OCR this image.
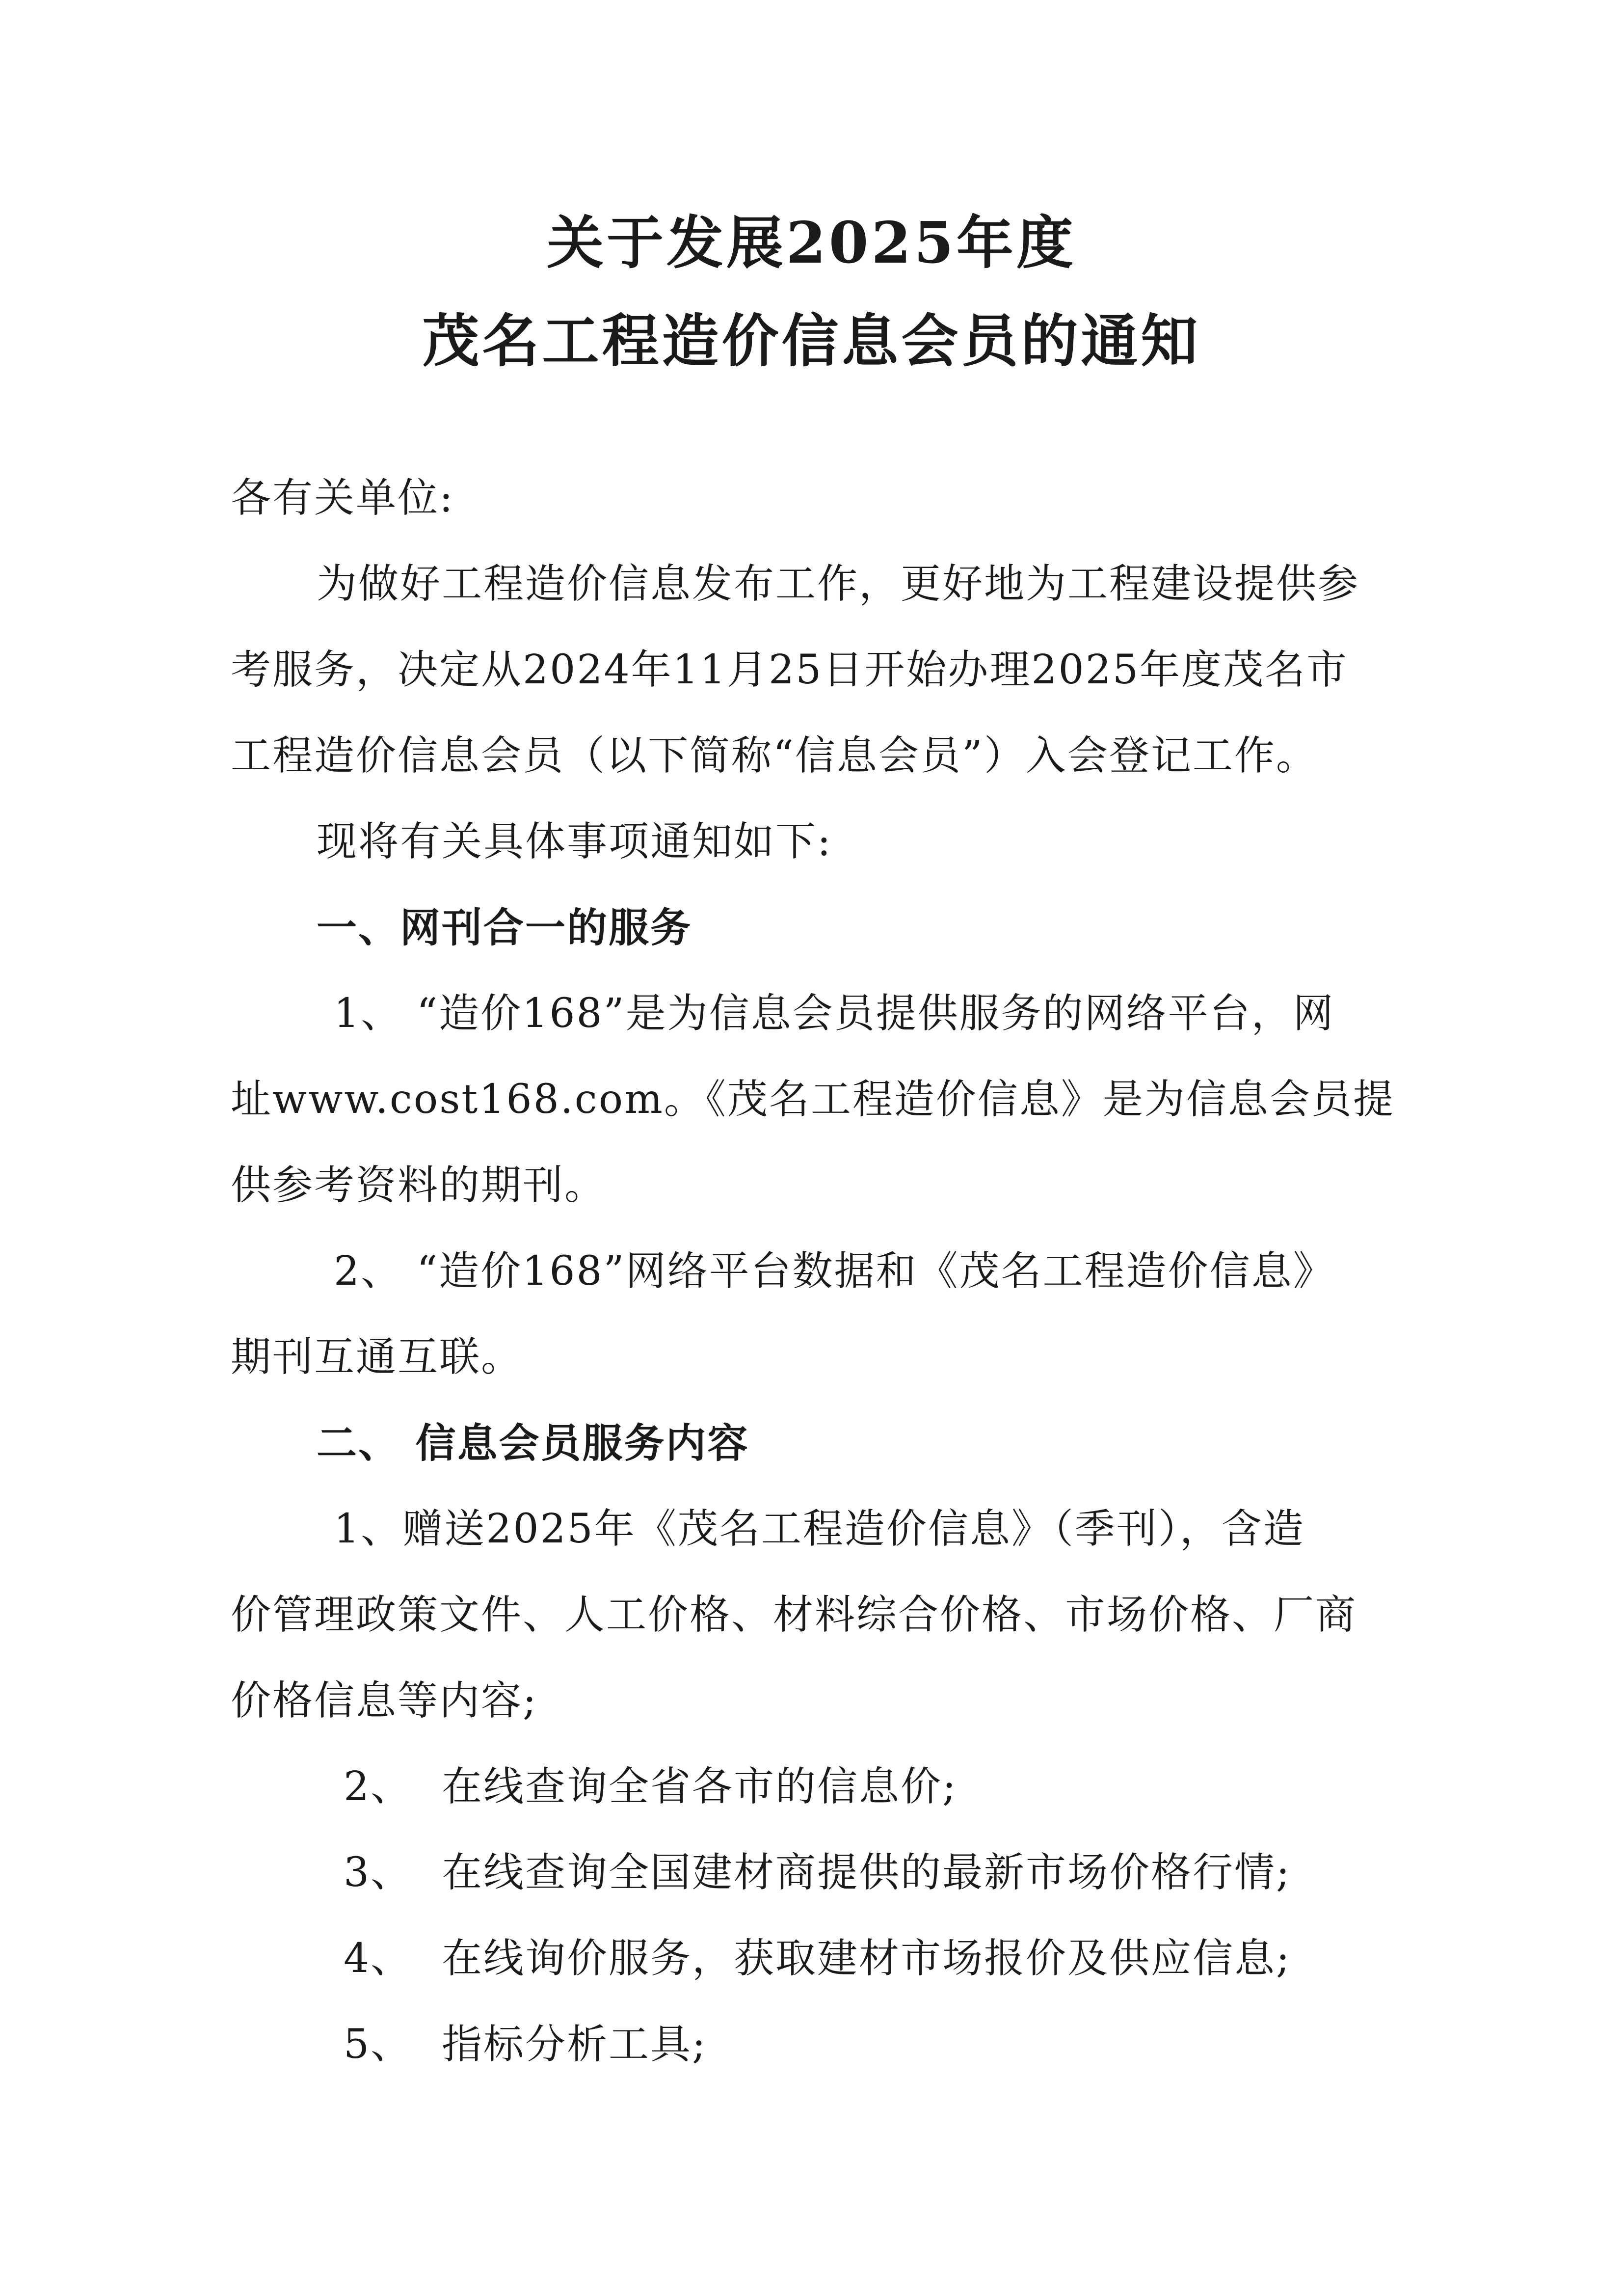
关于发展2025年度
茂名工程造价信息会员的通知
各有关单位:
为做好工程造价信息发布工作，更好地为工程建设提供参
考服务，决定从2024年11月25日开始办理2025年度茂名市
工程造价信息会员（以下简称“信息会员”）入会登记工作。
现将有关具体事项通知如下:
一、网刊合一的服务
1、 “造价168”是为信息会员提供服务的网络平台，网
址www.cost168.com。《茂名工程造价信息》是为信息会员提
供参考资料的期刊。
2、 “造价168”网络平台数据和《茂名工程造价信息》
期刊互通互联。
二、 信息会员服务内容
1、赠送2025年《茂名工程造价信息》（季刊），含造
价管理政策文件、人工价格、材料综合价格、市场价格、厂商
价格信息等内容;
2、 在线查询全省各市的信息价;
3、 在线查询全国建材商提供的最新市场价格行情;
4、 在线询价服务，获取建材市场报价及供应信息;
5、 指标分析工具;
